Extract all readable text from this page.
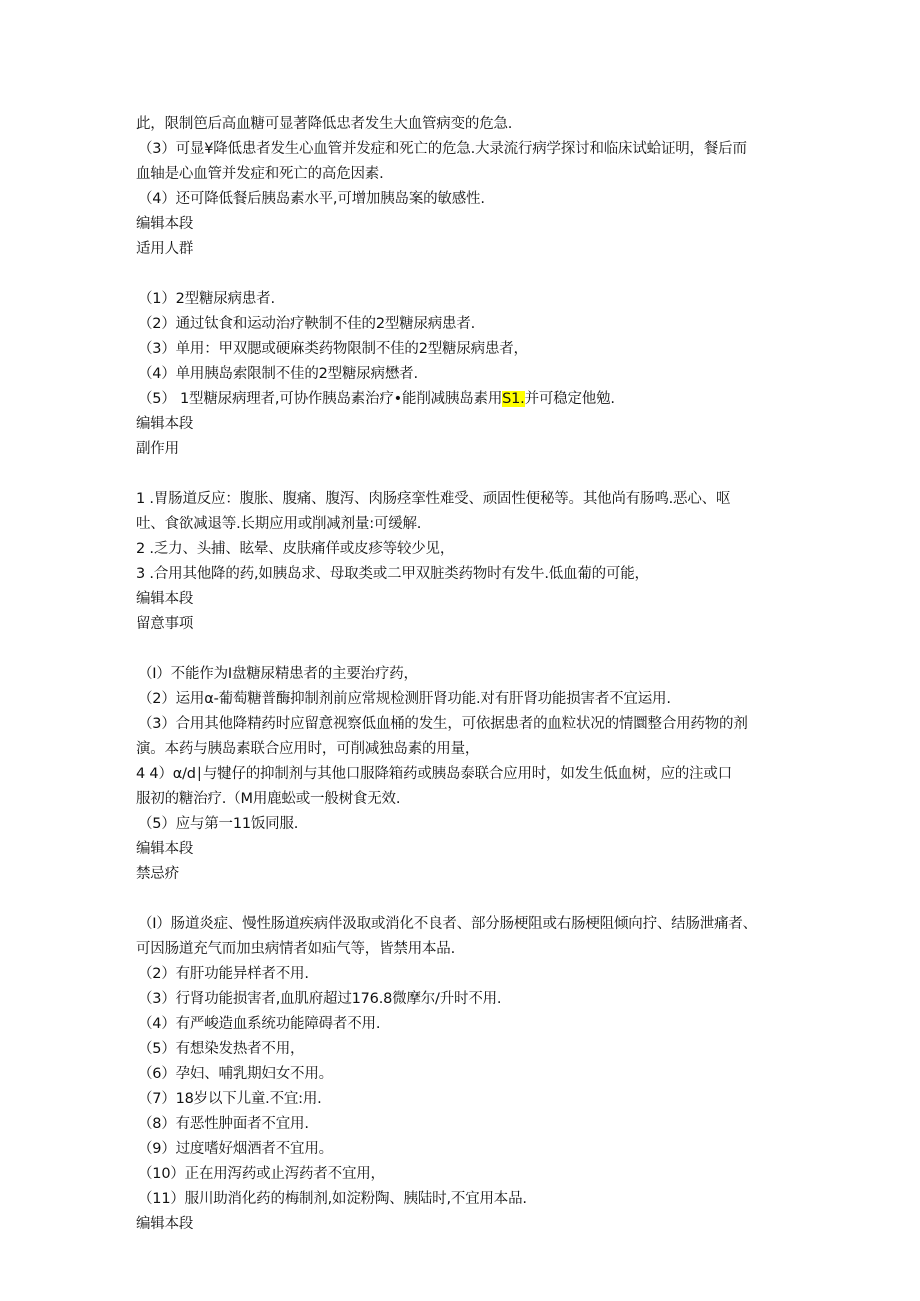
此，限制笆后高血糖可显著降低忠者发生大血管病变的危急.
（3）可显¥降低患者发生心血管并发症和死亡的危急.大录流行病学探讨和临床试蛤证明，餐后而
血轴是心血管并发症和死亡的高危因素.
（4）还可降低餐后胰岛素水平,可增加胰岛案的敏感性.
编辑本段
适用人群
（1）2型糖尿病患者.
（2）通过钛食和运动治疗鞅制不佳的2型糖尿病患者.
（3）单用：甲双腮或硬麻类药物限制不佳的2型糖尿病患者，
（4）单用胰岛索限制不佳的2型糖尿病懋者.
（5） 1型糖尿病理者,可协作胰岛素治疗•能削减胰岛素用S1.并可稳定他勉.
编辑本段
副作用
1 .胃肠道反应：腹胀、腹痛、腹泻、肉肠痉挛性难受、顽固性便秘等。其他尚有肠鸣.恶心、呕
吐、食欲减退等.长期应用或削减剂量:可缓解.
2 .乏力、头捕、眩晕、皮肤痛佯或皮疹等较少见，
3 .合用其他降的药,如胰岛求、母取类或二甲双脏类药物时有发牛.低血葡的可能，
编辑本段
留意事项
（I）不能作为I盘糖尿精患者的主要治疗药，
（2）运用α-葡萄糖普酶抑制剂前应常规检测肝肾功能.对有肝肾功能损害者不宜运用.
（3）合用其他降精药时应留意视察低血桶的发生，可依据患者的血粒状况的情圜整合用药物的剂
演。本药与胰岛素联合应用时，可削减独岛素的用量，
4 4）α/d∣与犍仔的抑制剂与其他口服降箱药或胰岛泰联合应用时，如发生低血树，应的注或口
服初的糖治疗.（M用鹿蚣或一般树食无效.
（5）应与第一11饭同服.
编辑本段
禁忌疥
（I）肠道炎症、慢性肠道疾病伴汲取或消化不良者、部分肠梗阻或右肠梗阻倾向拧、结肠泄痛者、
可因肠道充气而加虫病情者如疝气等，皆禁用本品.
（2）有肝功能异样者不用.
（3）行肾功能损害者,血肌府超过176.8微摩尔/升时不用.
（4）有严峻造血系统功能障碍者不用.
（5）有想染发热者不用，
（6）孕妇、哺乳期妇女不用。
（7）18岁以下儿童.不宜:用.
（8）有恶性肿面者不宜用.
（9）过度嗜好烟酒者不宜用。
（10）正在用泻药或止泻药者不宜用，
（11）服川助消化药的梅制剂,如淀粉陶、胰陆时,不宜用本品.
编辑本段
